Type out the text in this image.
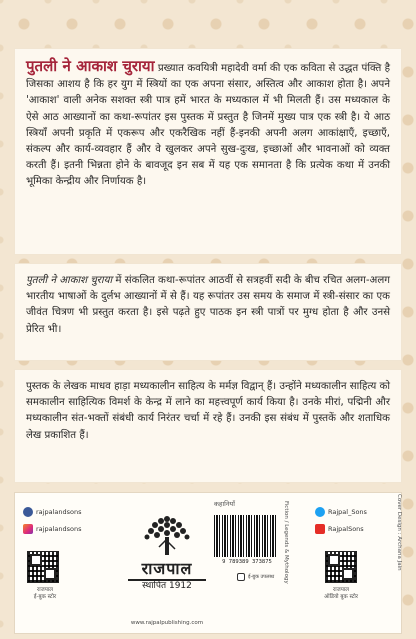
पुतली ने आकाश चुराया प्रख्यात कवयित्री महादेवी वर्मा की एक कविता से उद्धत पंक्ति है जिसका आशय है कि हर युग में स्त्रियों का एक अपना संसार, अस्तित्व और आकाश होता है। अपने 'आकाश' वाली अनेक सशक्त स्त्री पात्र हमें भारत के मध्यकाल में भी मिलती हैं। उस मध्यकाल के ऐसे आठ आख्यानों का कथा-रूपांतर इस पुस्तक में प्रस्तुत है जिनमें मुख्य पात्र एक स्त्री है। ये आठ स्त्रियाँ अपनी प्रकृति में एकरूप और एकरैखिक नहीं हैं-इनकी अपनी अलग आकांक्षाएँ, इच्छाएँ, संकल्प और कार्य-व्यवहार हैं और वे खुलकर अपने सुख-दुःख, इच्छाओं और भावनाओं को व्यक्त करती हैं। इतनी भिन्नता होने के बावजूद इन सब में यह एक समानता है कि प्रत्येक कथा में उनकी भूमिका केन्द्रीय और निर्णायक है।
पुतली ने आकाश चुराया में संकलित कथा-रूपांतर आठवीं से सत्रहवीं सदी के बीच रचित अलग-अलग भारतीय भाषाओं के दुर्लभ आख्यानों में से हैं। यह रूपांतर उस समय के समाज में स्त्री-संसार का एक जीवंत चित्रण भी प्रस्तुत करता है। इसे पढ़ते हुए पाठक इन स्त्री पात्रों पर मुग्ध होता है और उनसे प्रेरित भी।
पुस्तक के लेखक माधव हाड़ा मध्यकालीन साहित्य के मर्मज्ञ विद्वान् हैं। उन्होंने मध्यकालीन साहित्य को समकालीन साहित्यिक विमर्श के केन्द्र में लाने का महत्त्वपूर्ण कार्य किया है। उनके मीरां, पद्मिनी और मध्यकालीन संत-भक्तों संबंधी कार्य निरंतर चर्चा में रहे हैं। उनकी इस संबंध में पुस्तकें और शताधिक लेख प्रकाशित हैं।
rajpalandsons
rajpalandsons
राजपाल
ई-बुक स्टोर
राजपाल
स्थापित 1912
www.rajpalpublishing.com
कहानियाँ
9 789389 373875
ई-बुक उपलब्ध Fiction / Legends & Mythology	Rajpal_Sons
RajpalSons
राजपाल
ऑडियो बुक स्टोर
Cover Design : Archana Jain
